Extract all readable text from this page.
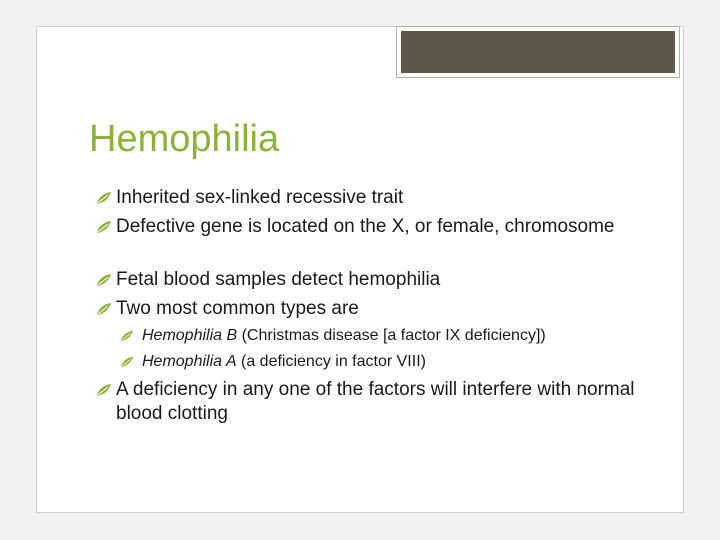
Hemophilia
Inherited sex-linked recessive trait
Defective gene is located on the X, or female, chromosome
Fetal blood samples detect hemophilia
Two most common types are
Hemophilia B (Christmas disease [a factor IX deficiency])
Hemophilia A (a deficiency in factor VIII)
A deficiency in any one of the factors will interfere with normal blood clotting
